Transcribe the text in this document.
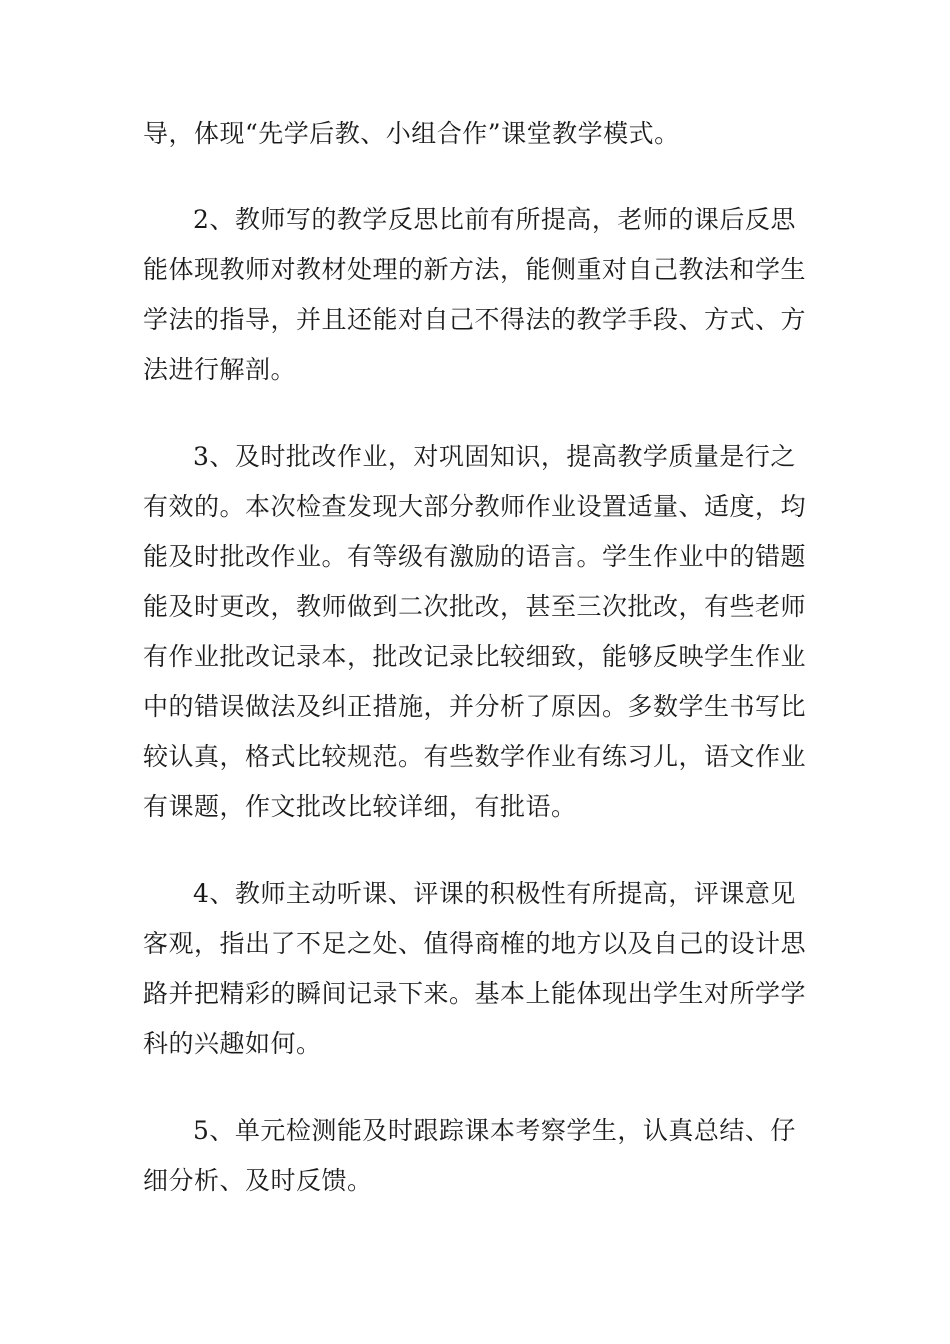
导，体现“先学后教、小组合作”课堂教学模式。
2、教师写的教学反思比前有所提高，老师的课后反思
能体现教师对教材处理的新方法，能侧重对自己教法和学生
学法的指导，并且还能对自己不得法的教学手段、方式、方
法进行解剖。
3、及时批改作业，对巩固知识，提高教学质量是行之
有效的。本次检查发现大部分教师作业设置适量、适度，均
能及时批改作业。有等级有激励的语言。学生作业中的错题
能及时更改，教师做到二次批改，甚至三次批改，有些老师
有作业批改记录本，批改记录比较细致，能够反映学生作业
中的错误做法及纠正措施，并分析了原因。多数学生书写比
较认真，格式比较规范。有些数学作业有练习儿，语文作业
有课题，作文批改比较详细，有批语。
4、教师主动听课、评课的积极性有所提高，评课意见
客观，指出了不足之处、值得商榷的地方以及自己的设计思
路并把精彩的瞬间记录下来。基本上能体现出学生对所学学
科的兴趣如何。
5、单元检测能及时跟踪课本考察学生，认真总结、仔
细分析、及时反馈。
